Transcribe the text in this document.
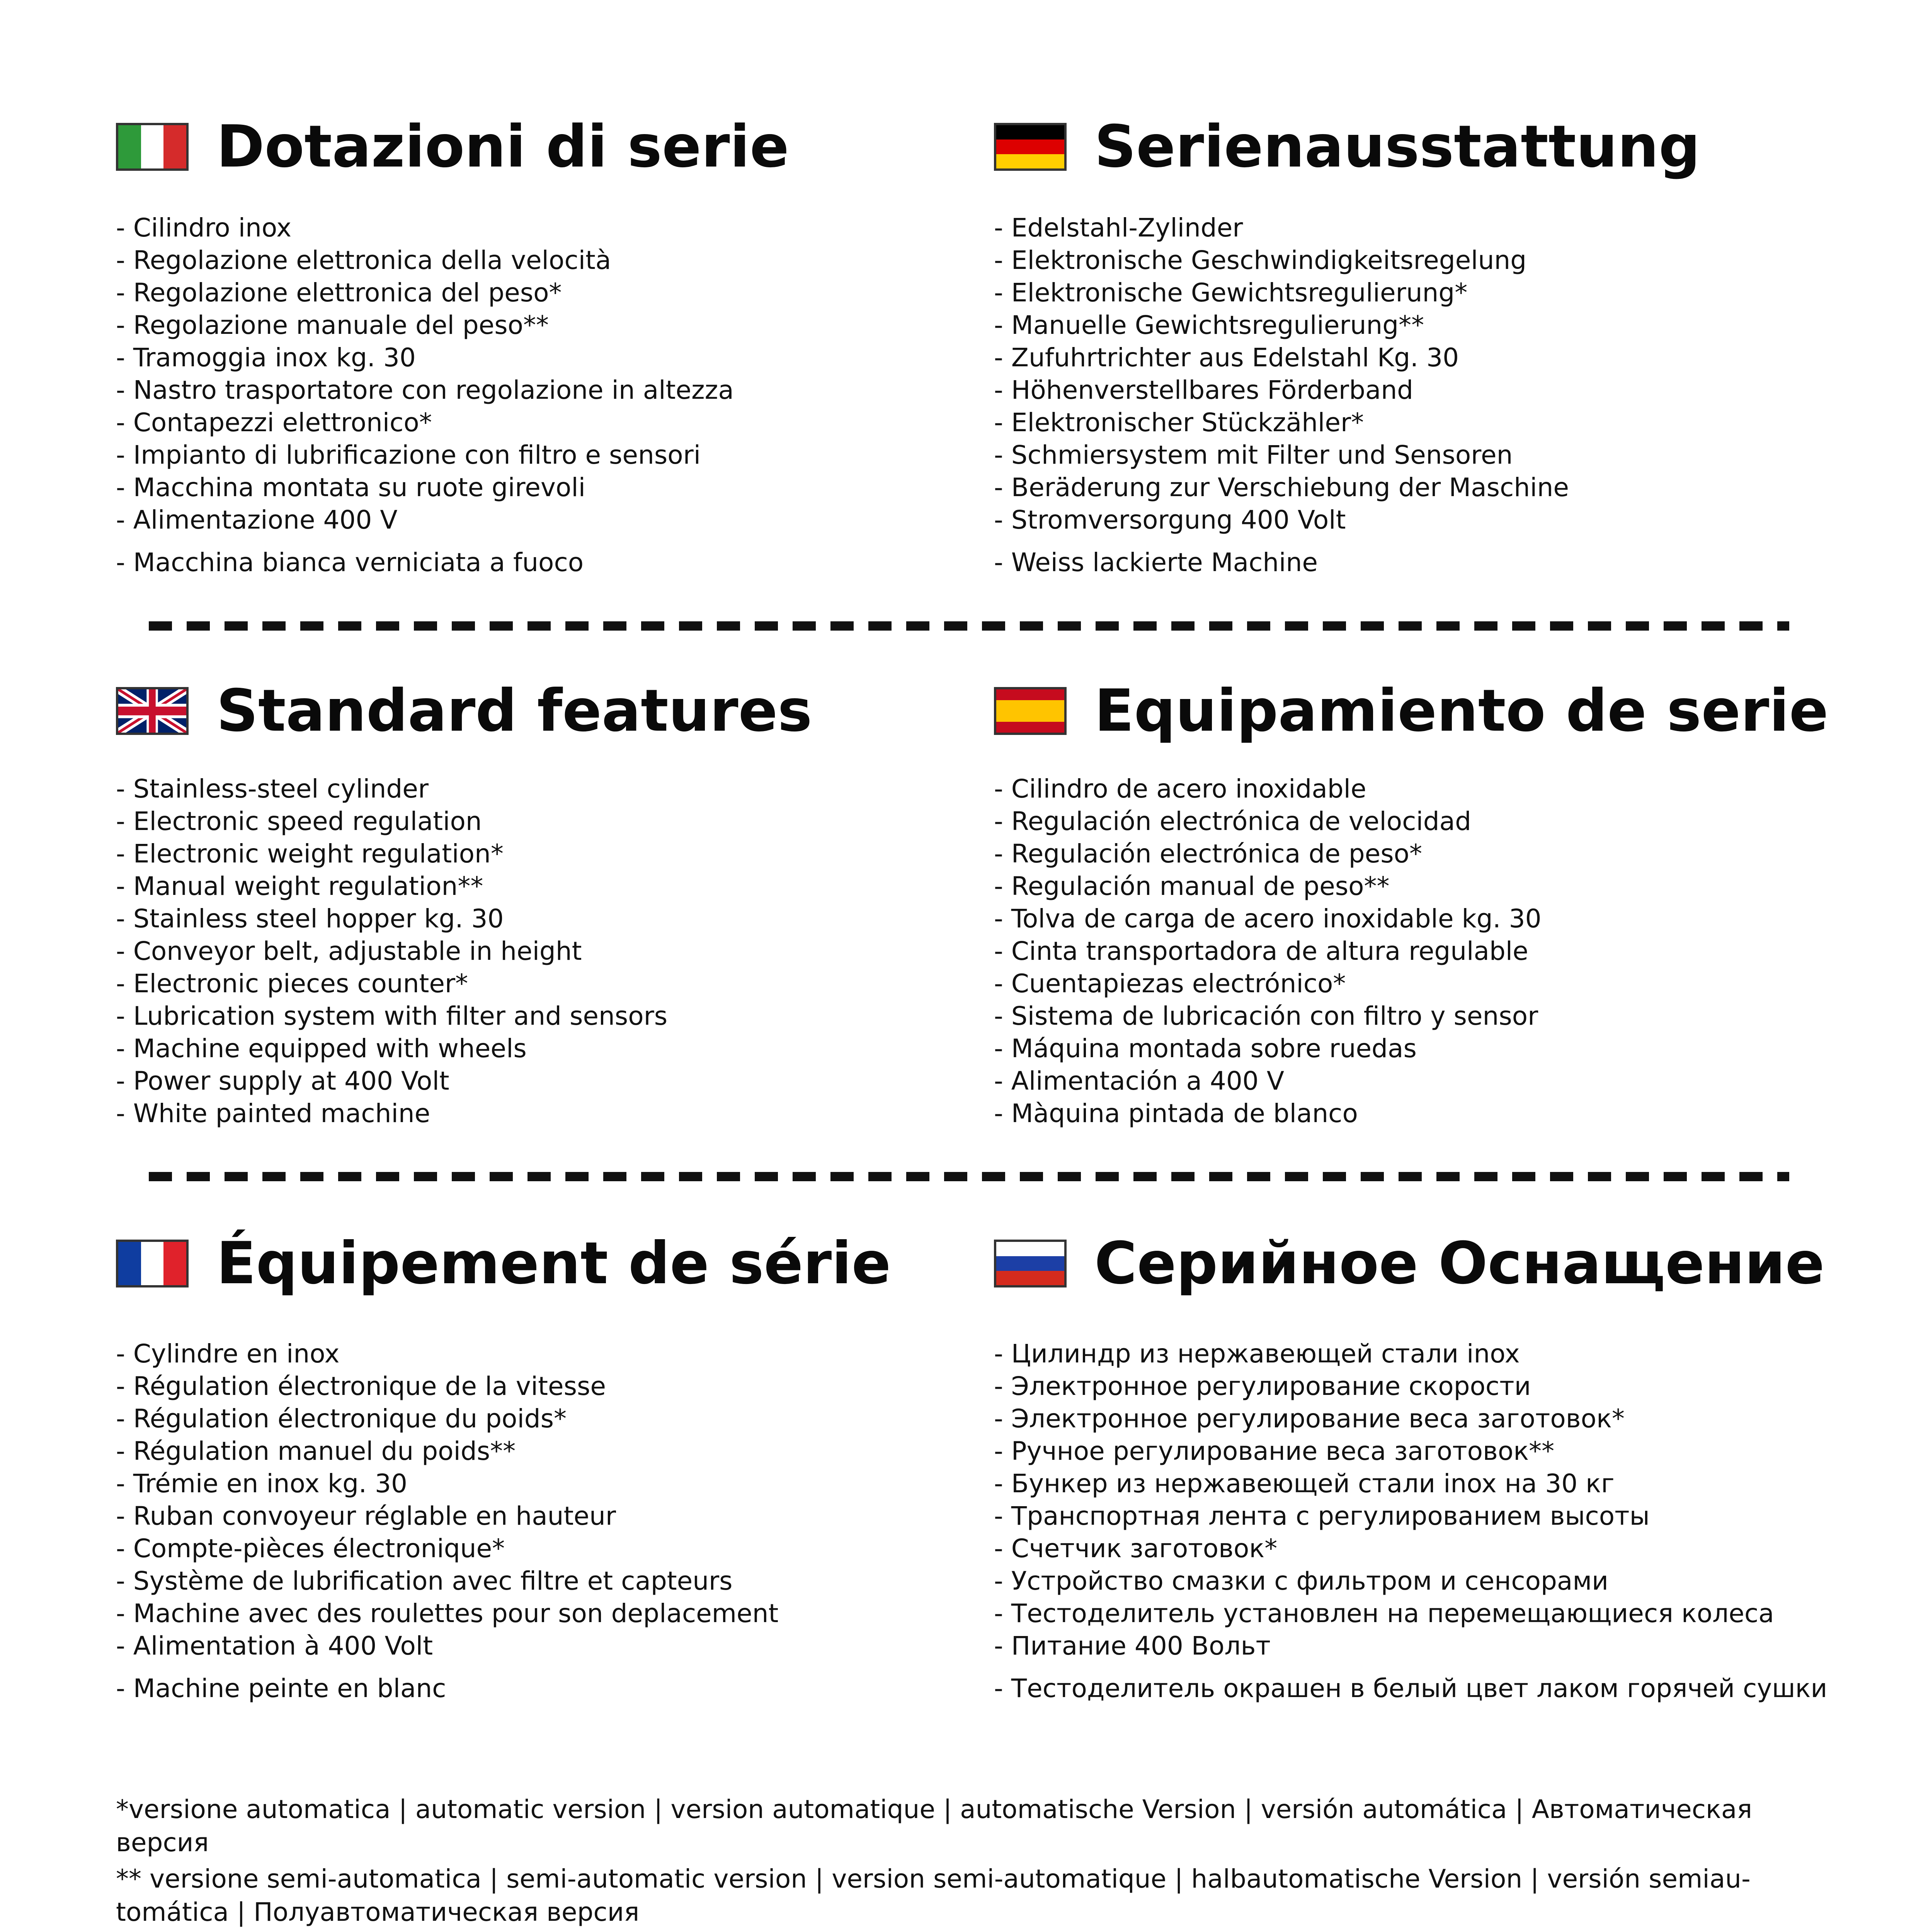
Dotazioni di serie
- Cilindro inox
- Regolazione elettronica della velocità
- Regolazione elettronica del peso*
- Regolazione manuale del peso**
- Tramoggia inox kg. 30
- Nastro trasportatore con regolazione in altezza
- Contapezzi elettronico*
- Impianto di lubrificazione con filtro e sensori
- Macchina montata su ruote girevoli
- Alimentazione 400 V
- Macchina bianca verniciata a fuoco
Serienausstattung
- Edelstahl-Zylinder
- Elektronische Geschwindigkeitsregelung
- Elektronische Gewichtsregulierung*
- Manuelle Gewichtsregulierung**
- Zufuhrtrichter aus Edelstahl Kg. 30
- Höhenverstellbares Förderband
- Elektronischer Stückzähler*
- Schmiersystem mit Filter und Sensoren
- Beräderung zur Verschiebung der Maschine
- Stromversorgung 400 Volt
- Weiss lackierte Machine
Standard features
- Stainless-steel cylinder
- Electronic speed regulation
- Electronic weight regulation*
- Manual weight regulation**
- Stainless steel hopper kg. 30
- Conveyor belt, adjustable in height
- Electronic pieces counter*
- Lubrication system with filter and sensors
- Machine equipped with wheels
- Power supply at 400 Volt
- White painted machine
Equipamiento de serie
- Cilindro de acero inoxidable
- Regulación electrónica de velocidad
- Regulación electrónica de peso*
- Regulación manual de peso**
- Tolva de carga de acero inoxidable kg. 30
- Cinta transportadora de altura regulable
- Cuentapiezas electrónico*
- Sistema de lubricación con filtro y sensor
- Máquina montada sobre ruedas
- Alimentación a 400 V
- Màquina pintada de blanco
Équipement de série
- Cylindre en inox
- Régulation électronique de la vitesse
- Régulation électronique du poids*
- Régulation manuel du poids**
- Trémie en inox kg. 30
- Ruban convoyeur réglable en hauteur
- Compte-pièces électronique*
- Système de lubrification avec filtre et capteurs
- Machine avec des roulettes pour son deplacement
- Alimentation à 400 Volt
- Machine peinte en blanc
Серийное Оснащение
- Цилиндр из нержавеющей стали inox
- Электронное регулирование скорости
- Электронное регулирование веса заготовок*
- Ручное регулирование веса заготовок**
- Бункер из нержавеющей стали inox на 30 кг
- Транспортная лента с регулированием высоты
- Счетчик заготовок*
- Устройство смазки с фильтром и сенсорами
- Тестоделитель установлен на перемещающиеся колеса
- Питание 400 Вольт
- Тестоделитель окрашен в белый цвет лаком горячей сушки

*versione automatica | automatic version | version automatique | automatische Version | versión automática | Автоматическая версия

** versione semi-automatica | semi-automatic version | version semi-automatique | halbautomatische Version | versión semiau- tomática | Полуавтоматическая версия
